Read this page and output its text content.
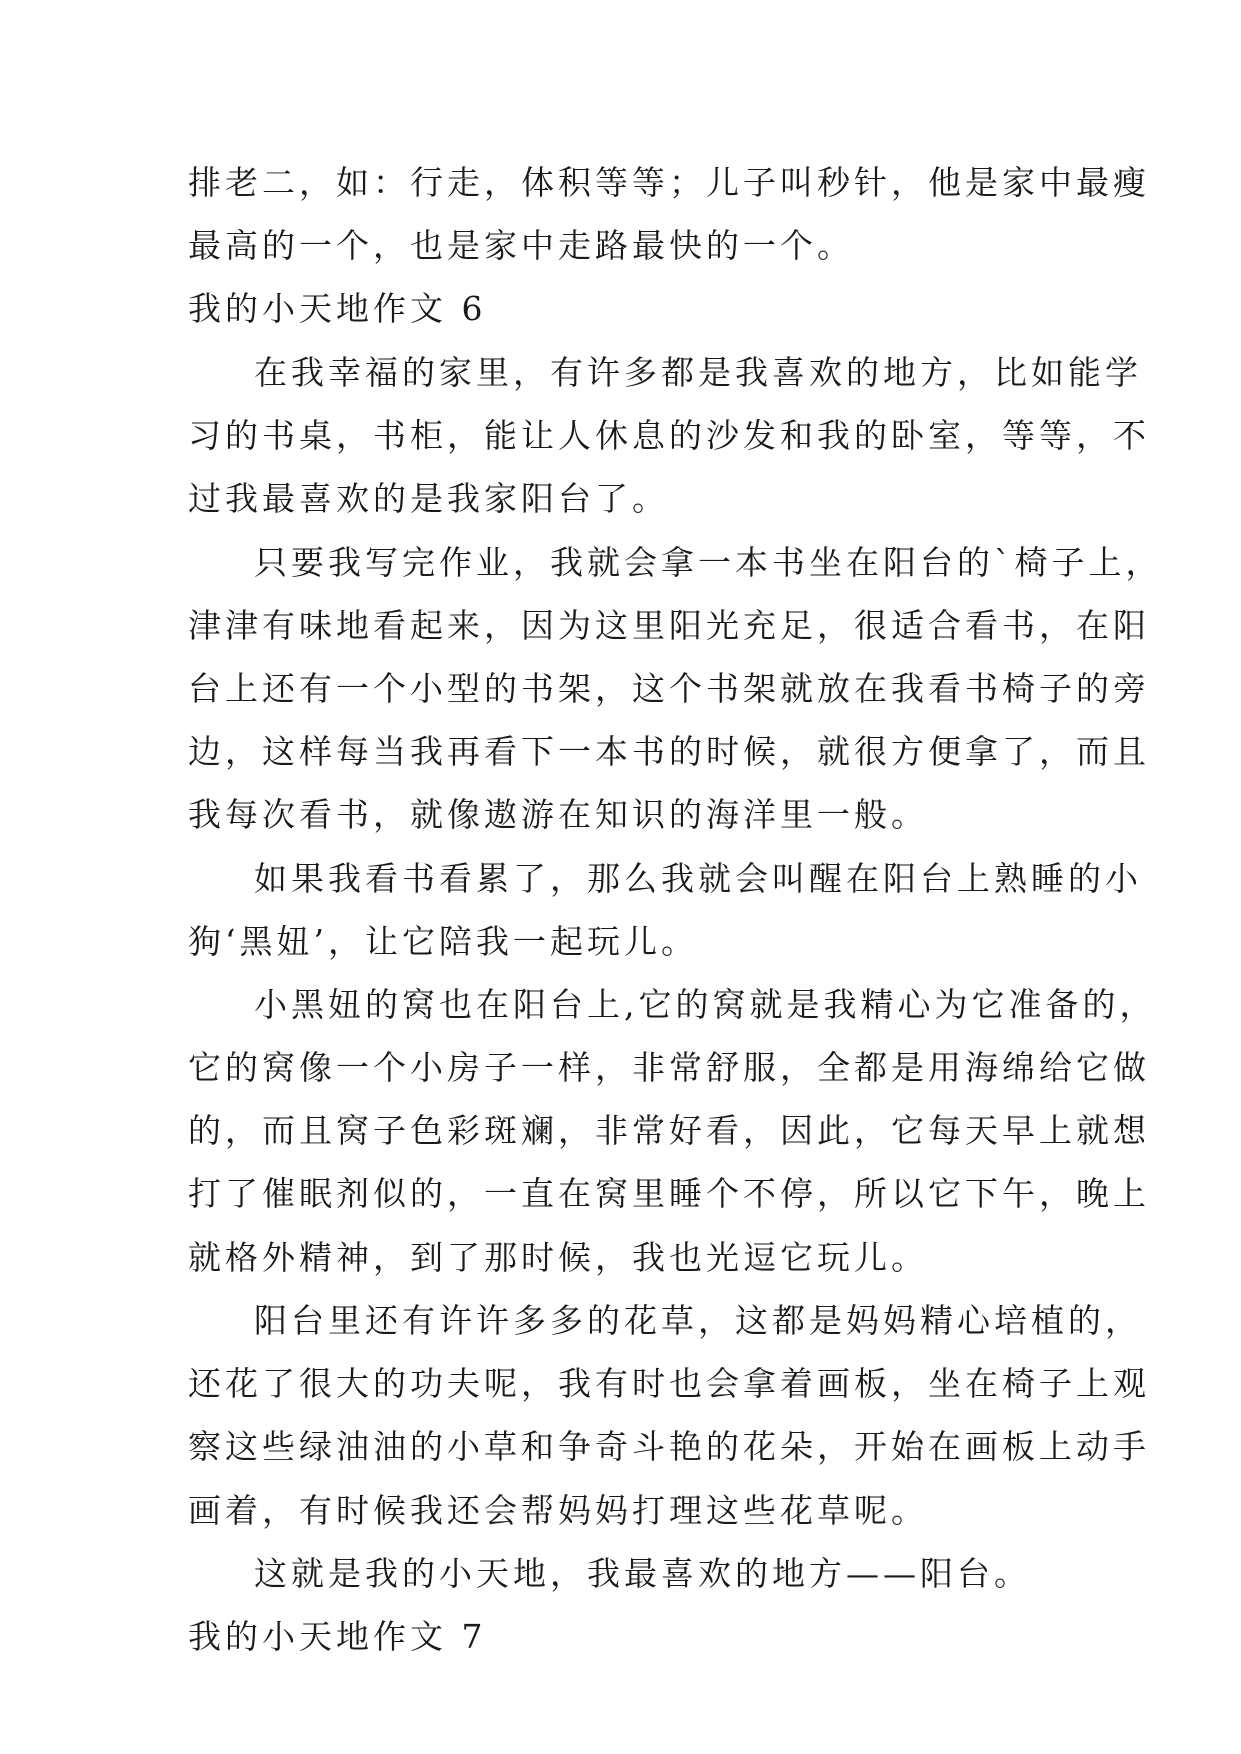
排老二，如：行走，体积等等；儿子叫秒针，他是家中最瘦
最高的一个，也是家中走路最快的一个。
我的小天地作文 6
在我幸福的家里，有许多都是我喜欢的地方，比如能学
习的书桌，书柜，能让人休息的沙发和我的卧室，等等，不
过我最喜欢的是我家阳台了。
只要我写完作业，我就会拿一本书坐在阳台的`椅子上，
津津有味地看起来，因为这里阳光充足，很适合看书，在阳
台上还有一个小型的书架，这个书架就放在我看书椅子的旁
边，这样每当我再看下一本书的时候，就很方便拿了，而且
我每次看书，就像遨游在知识的海洋里一般。
如果我看书看累了，那么我就会叫醒在阳台上熟睡的小
狗‘黑妞’，让它陪我一起玩儿。
小黑妞的窝也在阳台上,它的窝就是我精心为它准备的，
它的窝像一个小房子一样，非常舒服，全都是用海绵给它做
的，而且窝子色彩斑斓，非常好看，因此，它每天早上就想
打了催眠剂似的，一直在窝里睡个不停，所以它下午，晚上
就格外精神，到了那时候，我也光逗它玩儿。
阳台里还有许许多多的花草，这都是妈妈精心培植的，
还花了很大的功夫呢，我有时也会拿着画板，坐在椅子上观
察这些绿油油的小草和争奇斗艳的花朵，开始在画板上动手
画着，有时候我还会帮妈妈打理这些花草呢。
这就是我的小天地，我最喜欢的地方——阳台。
我的小天地作文 7
